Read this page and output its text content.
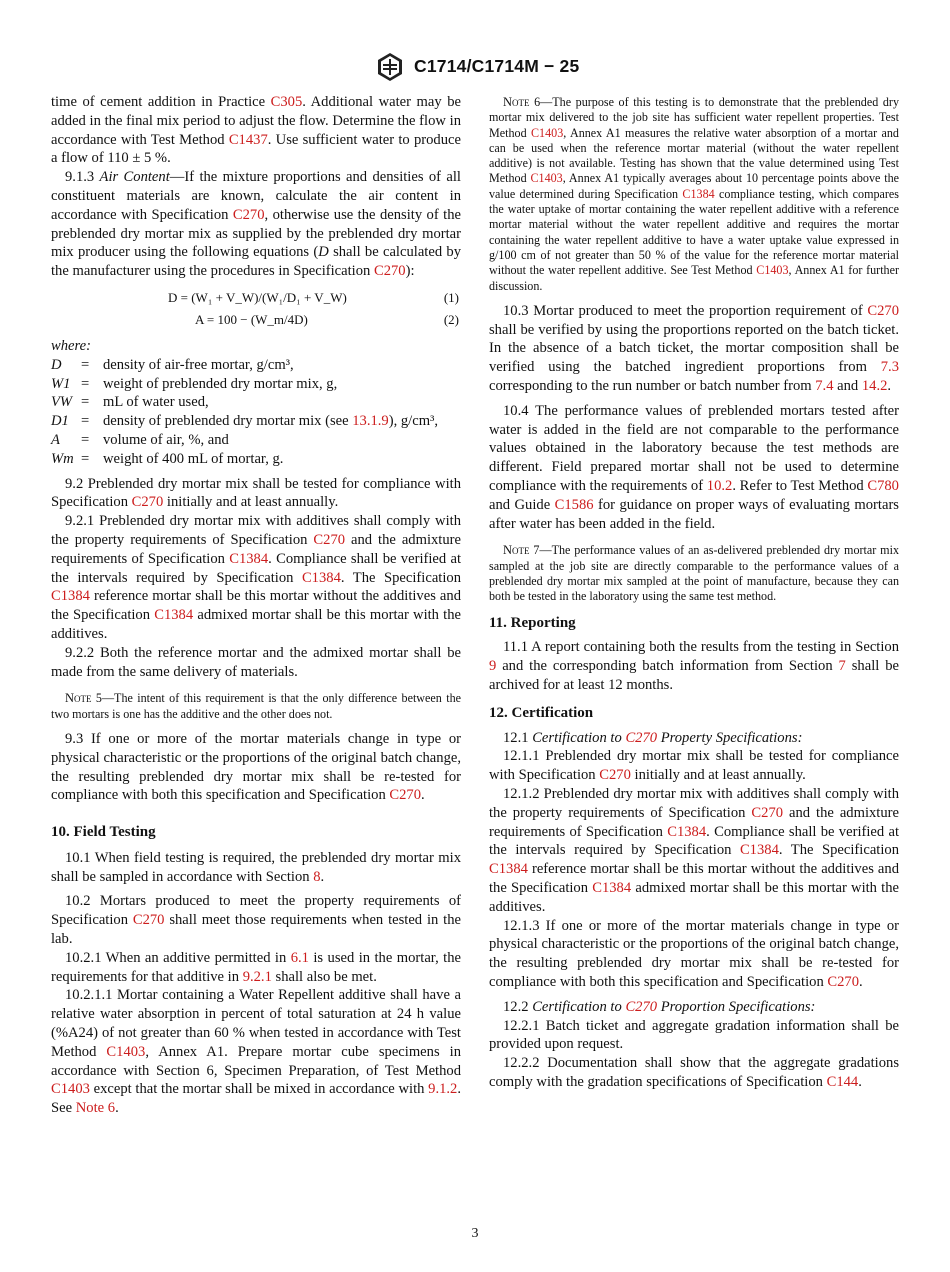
C1714/C1714M − 25

time of cement addition in Practice C305. Additional water may be added in the final mix period to adjust the flow. Determine the flow in accordance with Test Method C1437. Use sufficient water to produce a flow of 110 ± 5 %.

9.1.3 Air Content—If the mixture proportions and densities of all constituent materials are known, calculate the air content in accordance with Specification C270, otherwise use the density of the preblended dry mortar mix as supplied by the preblended dry mortar mix producer using the following equations (D shall be calculated by the manufacturer using the procedures in Specification C270):

D = (W₁ + V_W)/(W₁/D₁ + V_W)	(1)
A = 100 − (W_m/4D)	(2)

where:

D	=	density of air-free mortar, g/cm³,
W1	=	weight of preblended dry mortar mix, g,
VW	=	mL of water used,
D1	=	density of preblended dry mortar mix (see 13.1.9), g/cm³,
A	=	volume of air, %, and
Wm	=	weight of 400 mL of mortar, g.

9.2 Preblended dry mortar mix shall be tested for compliance with Specification C270 initially and at least annually.

9.2.1 Preblended dry mortar mix with additives shall comply with the property requirements of Specification C270 and the admixture requirements of Specification C1384. Compliance shall be verified at the intervals required by Specification C1384. The Specification C1384 reference mortar shall be this mortar without the additives and the Specification C1384 admixed mortar shall be this mortar with the additives.

9.2.2 Both the reference mortar and the admixed mortar shall be made from the same delivery of materials.

Note 5—The intent of this requirement is that the only difference between the two mortars is one has the additive and the other does not.

9.3 If one or more of the mortar materials change in type or physical characteristic or the proportions of the original batch change, the resulting preblended dry mortar mix shall be re-tested for compliance with both this specification and Specification C270.

10. Field Testing

10.1 When field testing is required, the preblended dry mortar mix shall be sampled in accordance with Section 8.

10.2 Mortars produced to meet the property requirements of Specification C270 shall meet those requirements when tested in the lab.

10.2.1 When an additive permitted in 6.1 is used in the mortar, the requirements for that additive in 9.2.1 shall also be met.

10.2.1.1 Mortar containing a Water Repellent additive shall have a relative water absorption in percent of total saturation at 24 h value (%A24) of not greater than 60 % when tested in accordance with Test Method C1403, Annex A1. Prepare mortar cube specimens in accordance with Section 6, Specimen Preparation, of Test Method C1403 except that the mortar shall be mixed in accordance with 9.1.2. See Note 6.

Note 6—The purpose of this testing is to demonstrate that the preblended dry mortar mix delivered to the job site has sufficient water repellent properties. Test Method C1403, Annex A1 measures the relative water absorption of a mortar and can be used when the reference mortar material (without the water repellent additive) is not available. Testing has shown that the value determined using Test Method C1403, Annex A1 typically averages about 10 percentage points above the value determined during Specification C1384 compliance testing, which compares the water uptake of mortar containing the water repellent additive with a reference mortar material without the water repellent additive and requires the mortar containing the water repellent additive to have a water uptake value expressed in g/100 cm of not greater than 50 % of the value for the reference mortar material without the water repellent additive. See Test Method C1403, Annex A1 for further discussion.

10.3 Mortar produced to meet the proportion requirement of C270 shall be verified by using the proportions reported on the batch ticket. In the absence of a batch ticket, the mortar composition shall be verified using the batched ingredient proportions from 7.3 corresponding to the run number or batch number from 7.4 and 14.2.

10.4 The performance values of preblended mortars tested after water is added in the field are not comparable to the performance values obtained in the laboratory because the test methods are different. Field prepared mortar shall not be used to determine compliance with the requirements of 10.2. Refer to Test Method C780 and Guide C1586 for guidance on proper ways of evaluating mortars after water has been added in the field.

Note 7—The performance values of an as-delivered preblended dry mortar mix sampled at the job site are directly comparable to the performance values of a preblended dry mortar mix sampled at the point of manufacture, because they can both be tested in the laboratory using the same test method.

11. Reporting

11.1 A report containing both the results from the testing in Section 9 and the corresponding batch information from Section 7 shall be archived for at least 12 months.

12. Certification

12.1 Certification to C270 Property Specifications:

12.1.1 Preblended dry mortar mix shall be tested for compliance with Specification C270 initially and at least annually.

12.1.2 Preblended dry mortar mix with additives shall comply with the property requirements of Specification C270 and the admixture requirements of Specification C1384. Compliance shall be verified at the intervals required by Specification C1384. The Specification C1384 reference mortar shall be this mortar without the additives and the Specification C1384 admixed mortar shall be this mortar with the additives.

12.1.3 If one or more of the mortar materials change in type or physical characteristic or the proportions of the original batch change, the resulting preblended dry mortar mix shall be re-tested for compliance with both this specification and Specification C270.

12.2 Certification to C270 Proportion Specifications:

12.2.1 Batch ticket and aggregate gradation information shall be provided upon request.

12.2.2 Documentation shall show that the aggregate gradations comply with the gradation specifications of Specification C144.

3
